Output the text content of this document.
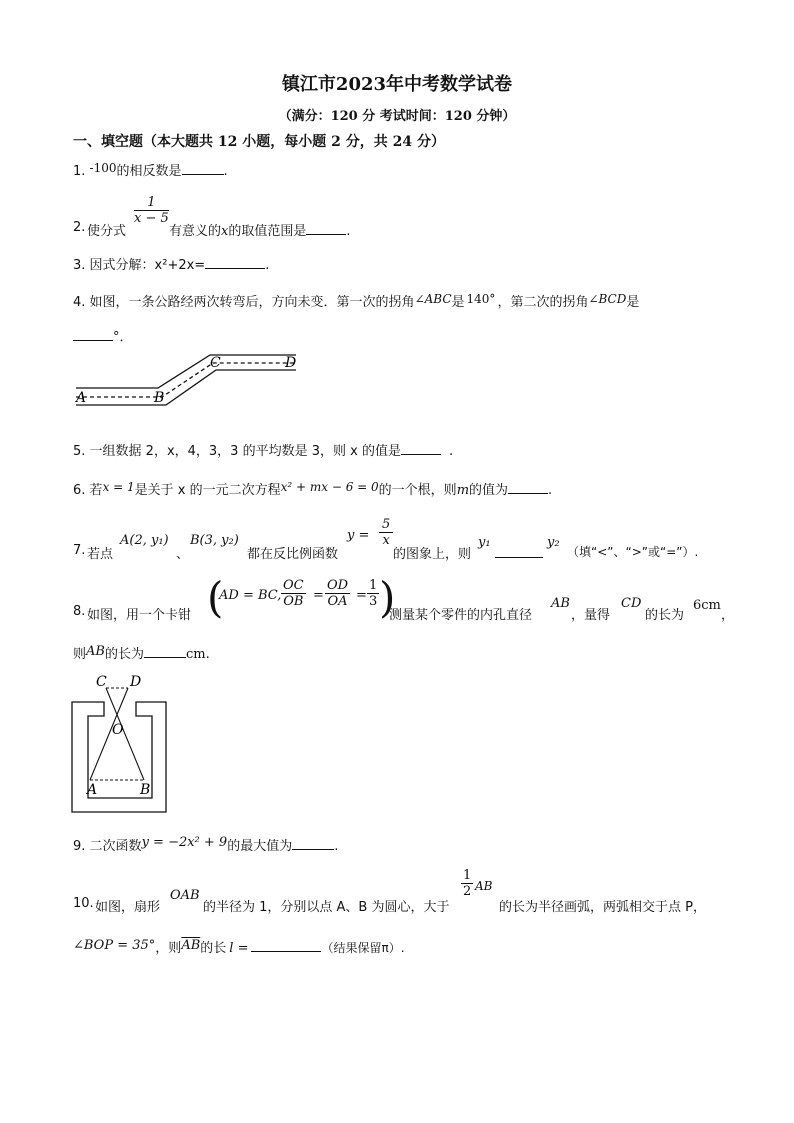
镇江市2023年中考数学试卷
（满分：120 分 考试时间：120 分钟）
一、填空题（本大题共 12 小题，每小题 2 分，共 24 分）
1. -100的相反数是	.
2. 使分式
$\frac{1}{x - 5}$
有意义的x的取值范围是	.
3. 因式分解：x²+2x=	.
4. 如图，一条公路经两次转弯后，方向未变．第一次的拐角∠ABC是 140° ，第二次的拐角∠BCD是
°．
A	B
C	D
5. 一组数据 2，x，4，3，3 的平均数是 3，则 x 的值是	.
6. 若x = 1是关于 x 的一元二次方程x² + mx − 6 = 0的一个根，则m的值为	.
7. 若点
A(2, y₁)
、
B(3, y₂)
都在反比例函数
$y = \frac{5}{x}$
的图象上，则
y₁	y₂
（填“<”、“>”或“=”）.
8. 如图，用一个卡钳 (
AD = BC, $\frac{OC}{OB} = \frac{OD}{OA} = \frac{1}{3}$ )
测量某个零件的内孔直径
AB
，量得
CD
的长为
6cm
，
则AB的长为	cm.
C D
O
A	B
9. 二次函数y = −2x² + 9的最大值为	.
10. 如图，扇形
OAB
的半径为 1，分别以点 A、B 为圆心，大于
$\frac{1}{2}$ AB
的长为半径画弧，两弧相交于点 P，
∠BOP = 35°，则$\overline{AB}$的长 l =	（结果保留π）.
